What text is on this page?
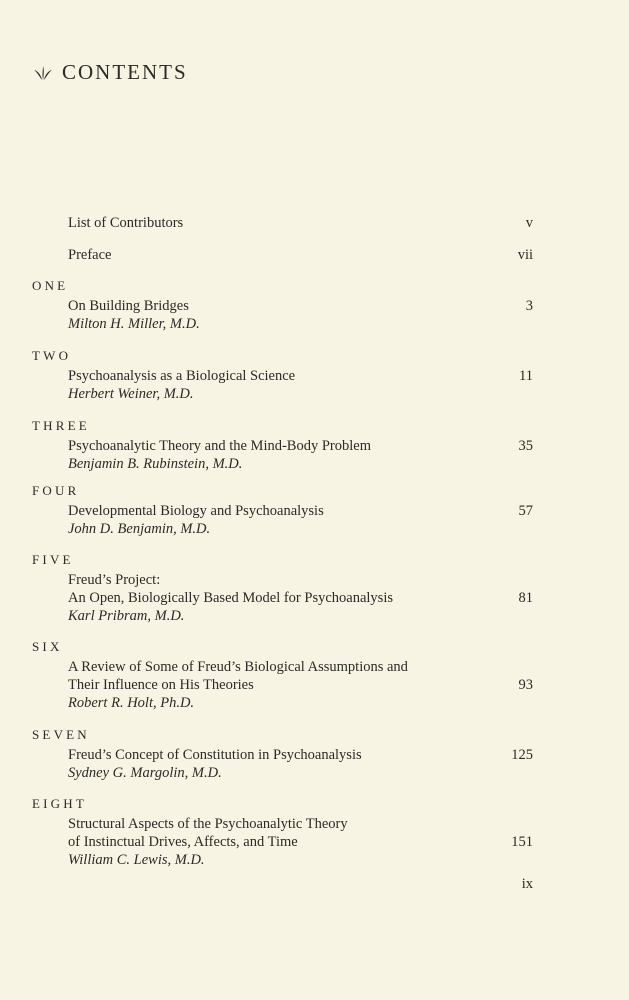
CONTENTS
List of Contributors	v
Preface	vii
ONE
On Building Bridges	3
Milton H. Miller, M.D.
TWO
Psychoanalysis as a Biological Science	11
Herbert Weiner, M.D.
THREE
Psychoanalytic Theory and the Mind-Body Problem	35
Benjamin B. Rubinstein, M.D.
FOUR
Developmental Biology and Psychoanalysis	57
John D. Benjamin, M.D.
FIVE
Freud’s Project:
An Open, Biologically Based Model for Psychoanalysis	81
Karl Pribram, M.D.
SIX
A Review of Some of Freud’s Biological Assumptions and
Their Influence on His Theories	93
Robert R. Holt, Ph.D.
SEVEN
Freud’s Concept of Constitution in Psychoanalysis	125
Sydney G. Margolin, M.D.
EIGHT
Structural Aspects of the Psychoanalytic Theory
of Instinctual Drives, Affects, and Time	151
William C. Lewis, M.D.
ix
